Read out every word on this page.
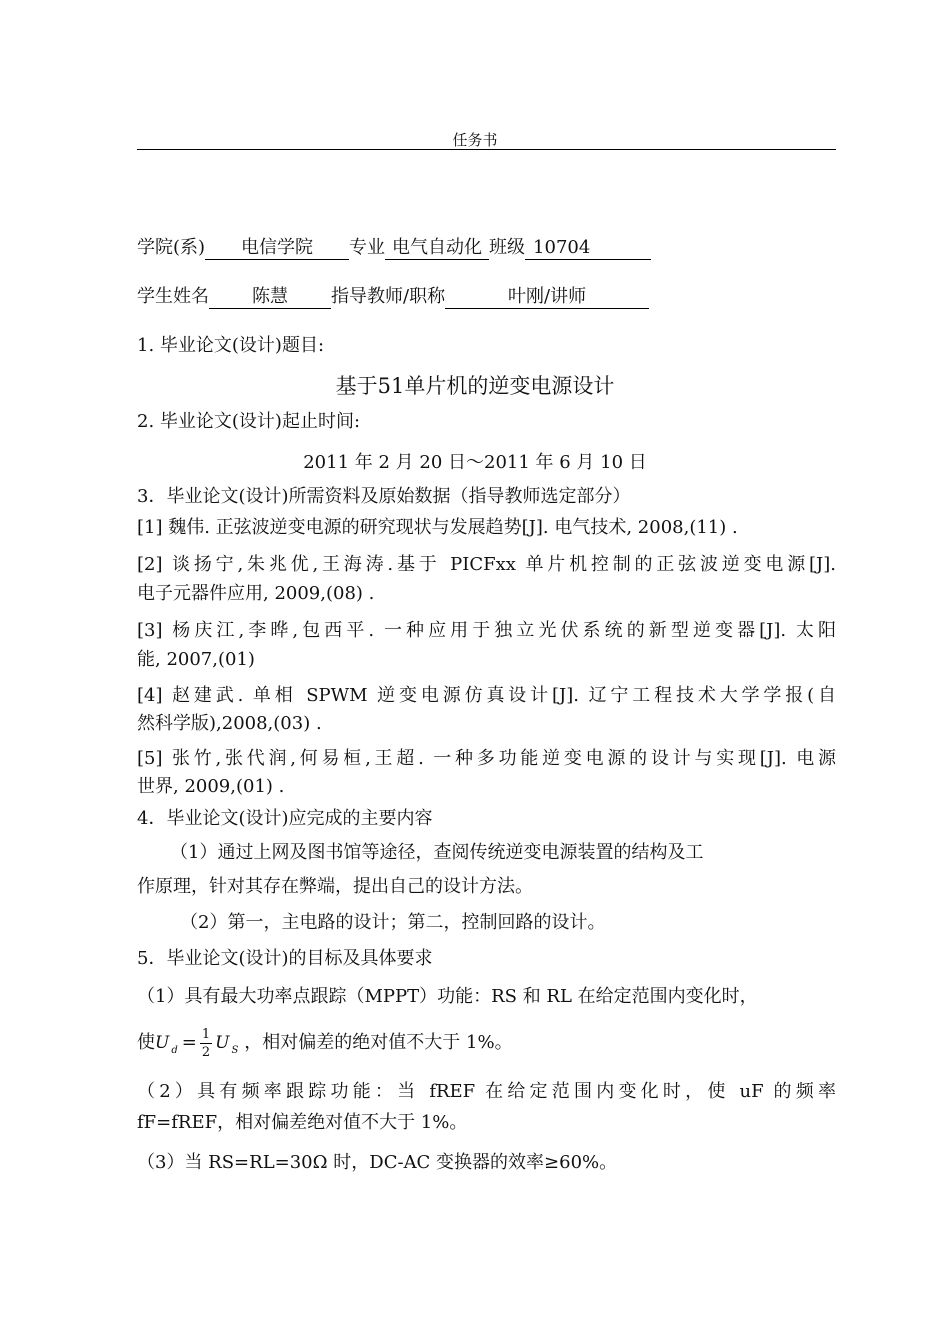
任务书
学院(系) 电信学院 专业 电气自动化 班级 10704
学生姓名 陈慧 指导教师/职称	叶刚/讲师
1. 毕业论文(设计)题目:
基于51单片机的逆变电源设计
2. 毕业论文(设计)起止时间:
2011 年 2 月 20 日～2011 年 6 月 10 日
3．毕业论文(设计)所需资料及原始数据（指导教师选定部分）
[1] 魏伟. 正弦波逆变电源的研究现状与发展趋势[J]. 电气技术, 2008,(11) .
[2] 谈扬宁,朱兆优,王海涛.基于 PICFxx 单片机控制的正弦波逆变电源[J].
电子元器件应用, 2009,(08) .
[3] 杨庆江,李晔,包西平. 一种应用于独立光伏系统的新型逆变器[J]. 太阳
能, 2007,(01)
[4] 赵建武. 单相 SPWM 逆变电源仿真设计[J]. 辽宁工程技术大学学报(自
然科学版),2008,(03) .
[5] 张竹,张代润,何易桓,王超. 一种多功能逆变电源的设计与实现[J]. 电源
世界, 2009,(01) .
4．毕业论文(设计)应完成的主要内容
（1）通过上网及图书馆等途径，查阅传统逆变电源装置的结构及工
作原理，针对其存在弊端，提出自己的设计方法。
（2）第一，主电路的设计；第二，控制回路的设计。
5．毕业论文(设计)的目标及具体要求
（1）具有最大功率点跟踪（MPPT）功能：RS 和 RL 在给定范围内变化时，
使U $_d = \frac{1}{2}$ U $_S$ ，相对偏差的绝对值不大于 1%。
（2）具有频率跟踪功能：当 fREF 在给定范围内变化时，使 uF 的频率
fF=fREF，相对偏差绝对值不大于 1%。
（3）当 RS=RL=30Ω 时，DC-AC 变换器的效率≥60%。
